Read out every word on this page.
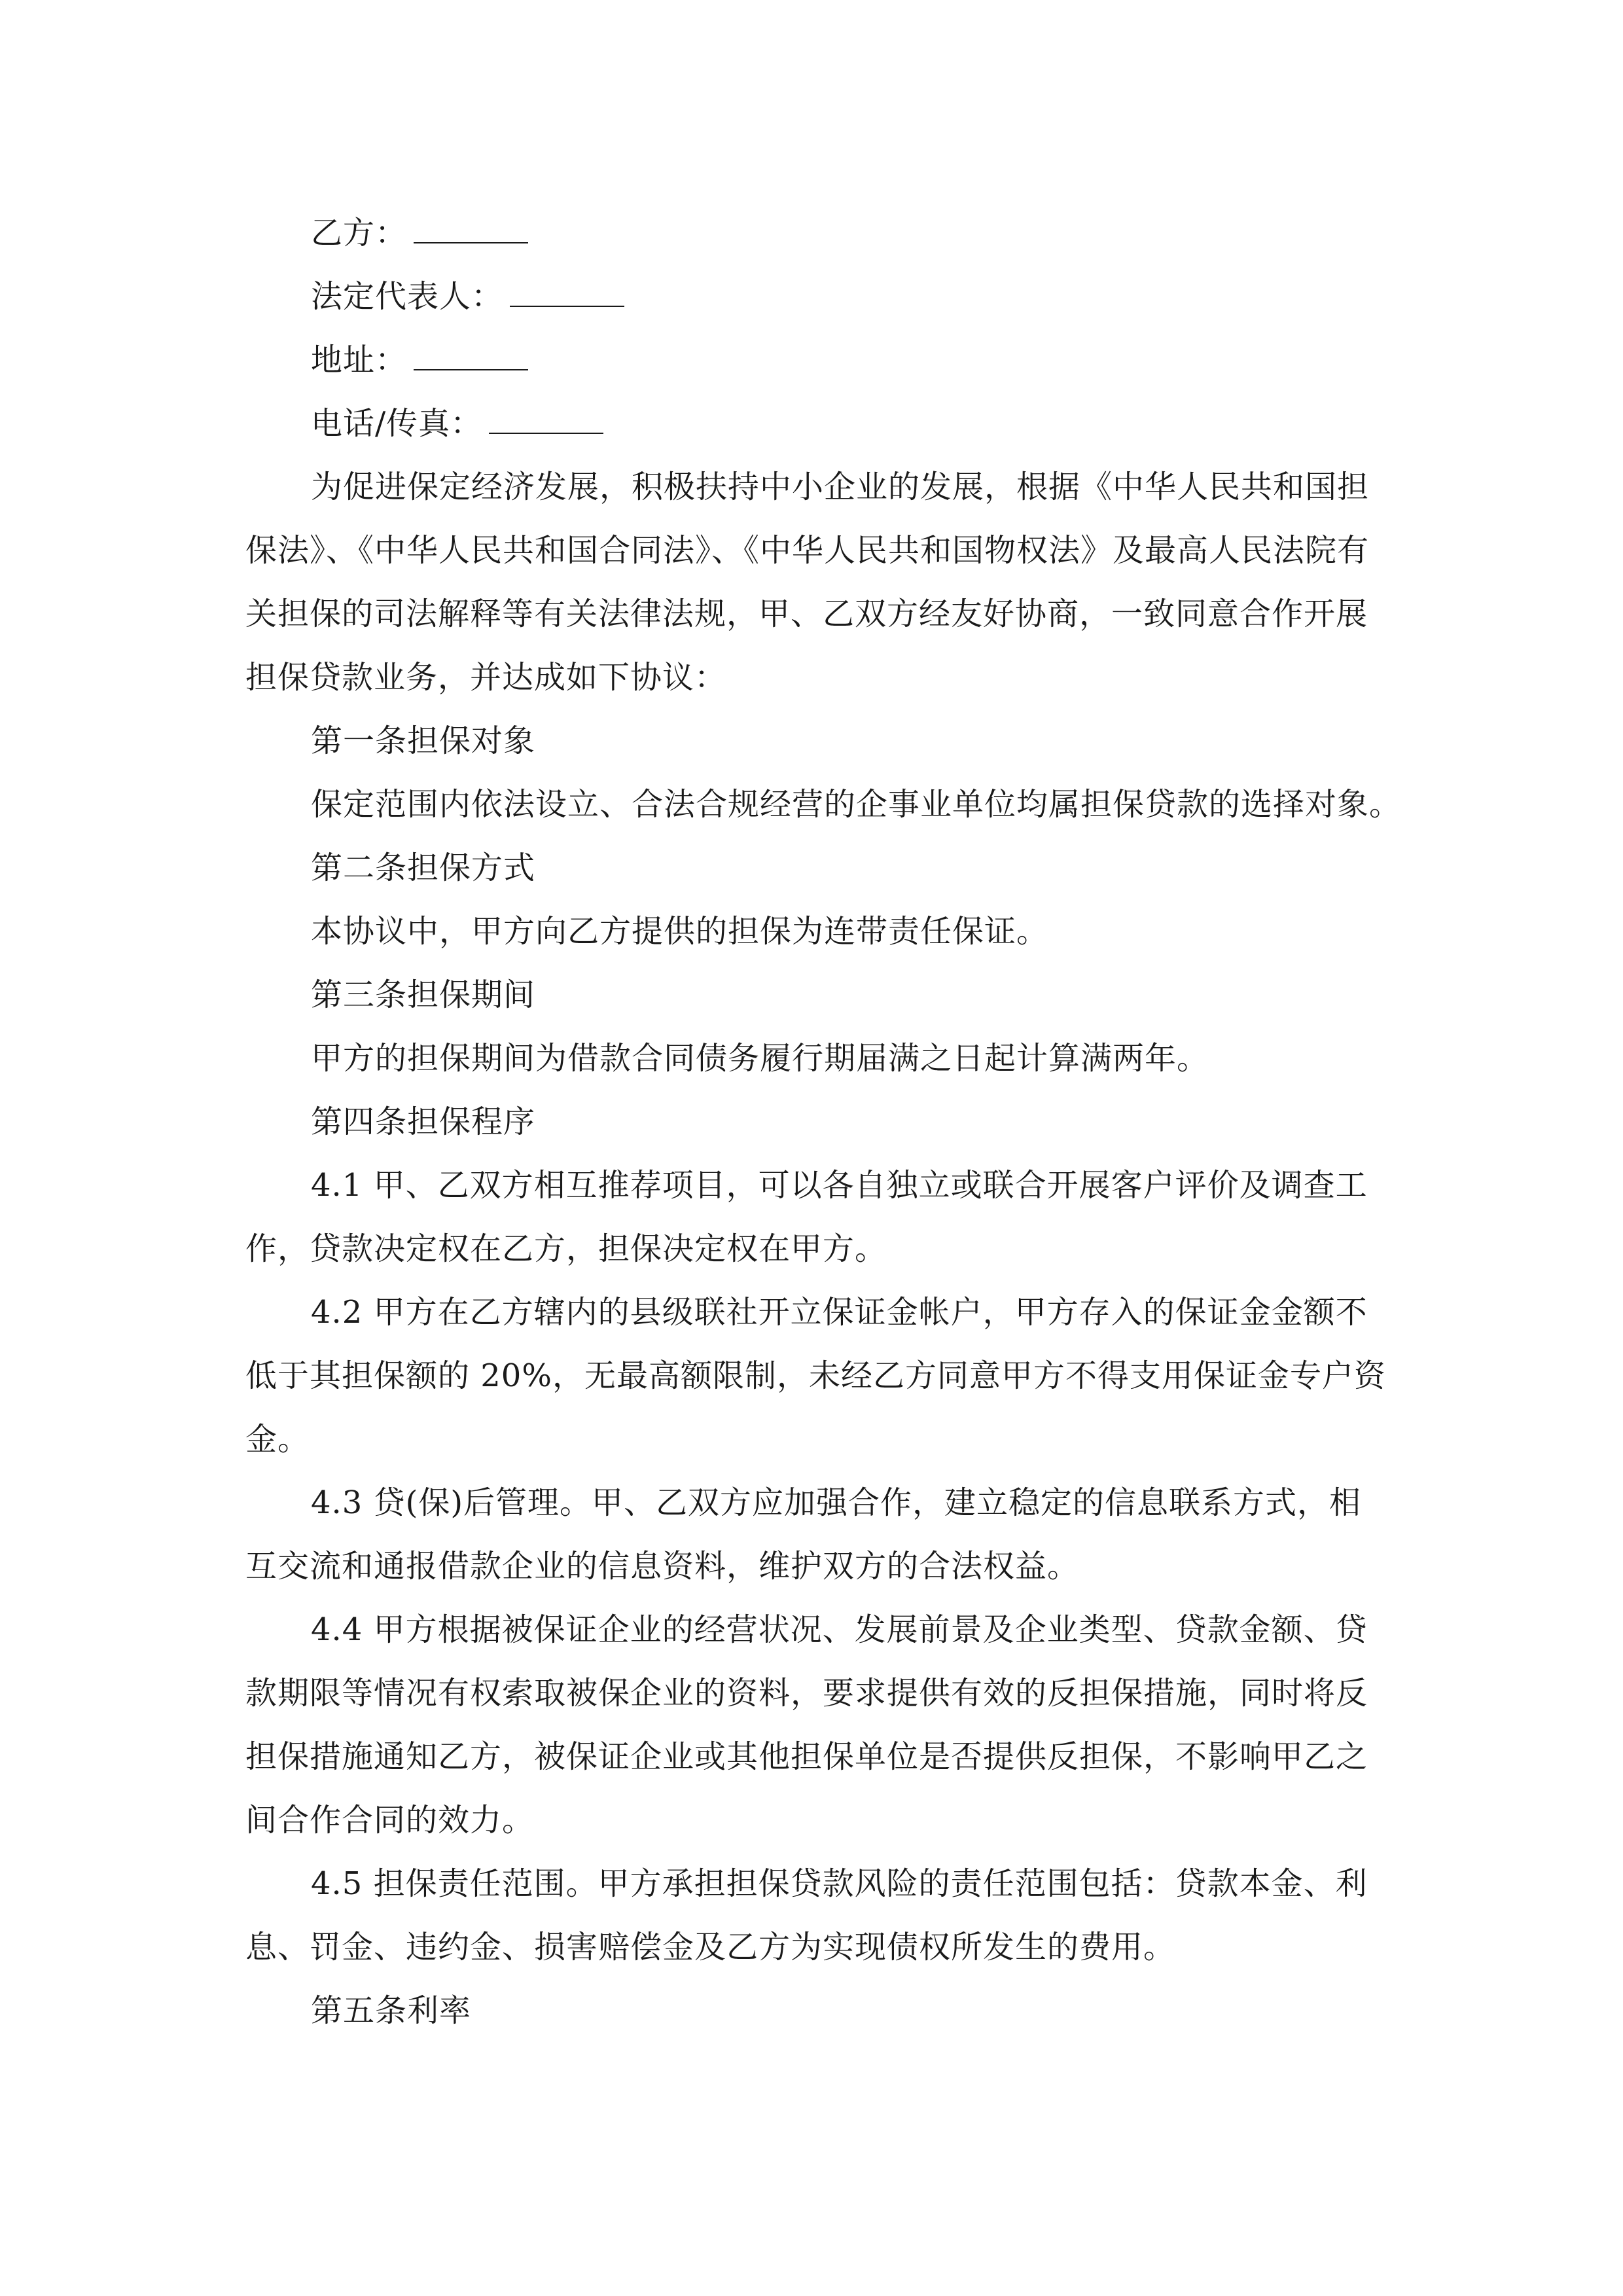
乙方：
法定代表人：
地址：
电话/传真：
为促进保定经济发展，积极扶持中小企业的发展，根据《中华人民共和国担
保法》、《中华人民共和国合同法》、《中华人民共和国物权法》及最高人民法院有
关担保的司法解释等有关法律法规，甲、乙双方经友好协商，一致同意合作开展
担保贷款业务，并达成如下协议：
第一条担保对象
保定范围内依法设立、合法合规经营的企事业单位均属担保贷款的选择对象。
第二条担保方式
本协议中，甲方向乙方提供的担保为连带责任保证。
第三条担保期间
甲方的担保期间为借款合同债务履行期届满之日起计算满两年。
第四条担保程序
4.1 甲、乙双方相互推荐项目，可以各自独立或联合开展客户评价及调查工
作，贷款决定权在乙方，担保决定权在甲方。
4.2 甲方在乙方辖内的县级联社开立保证金帐户，甲方存入的保证金金额不
低于其担保额的 20%，无最高额限制，未经乙方同意甲方不得支用保证金专户资
金。
4.3 贷(保)后管理。甲、乙双方应加强合作，建立稳定的信息联系方式，相
互交流和通报借款企业的信息资料，维护双方的合法权益。
4.4 甲方根据被保证企业的经营状况、发展前景及企业类型、贷款金额、贷
款期限等情况有权索取被保企业的资料，要求提供有效的反担保措施，同时将反
担保措施通知乙方，被保证企业或其他担保单位是否提供反担保，不影响甲乙之
间合作合同的效力。
4.5 担保责任范围。甲方承担担保贷款风险的责任范围包括：贷款本金、利
息、罚金、违约金、损害赔偿金及乙方为实现债权所发生的费用。
第五条利率
